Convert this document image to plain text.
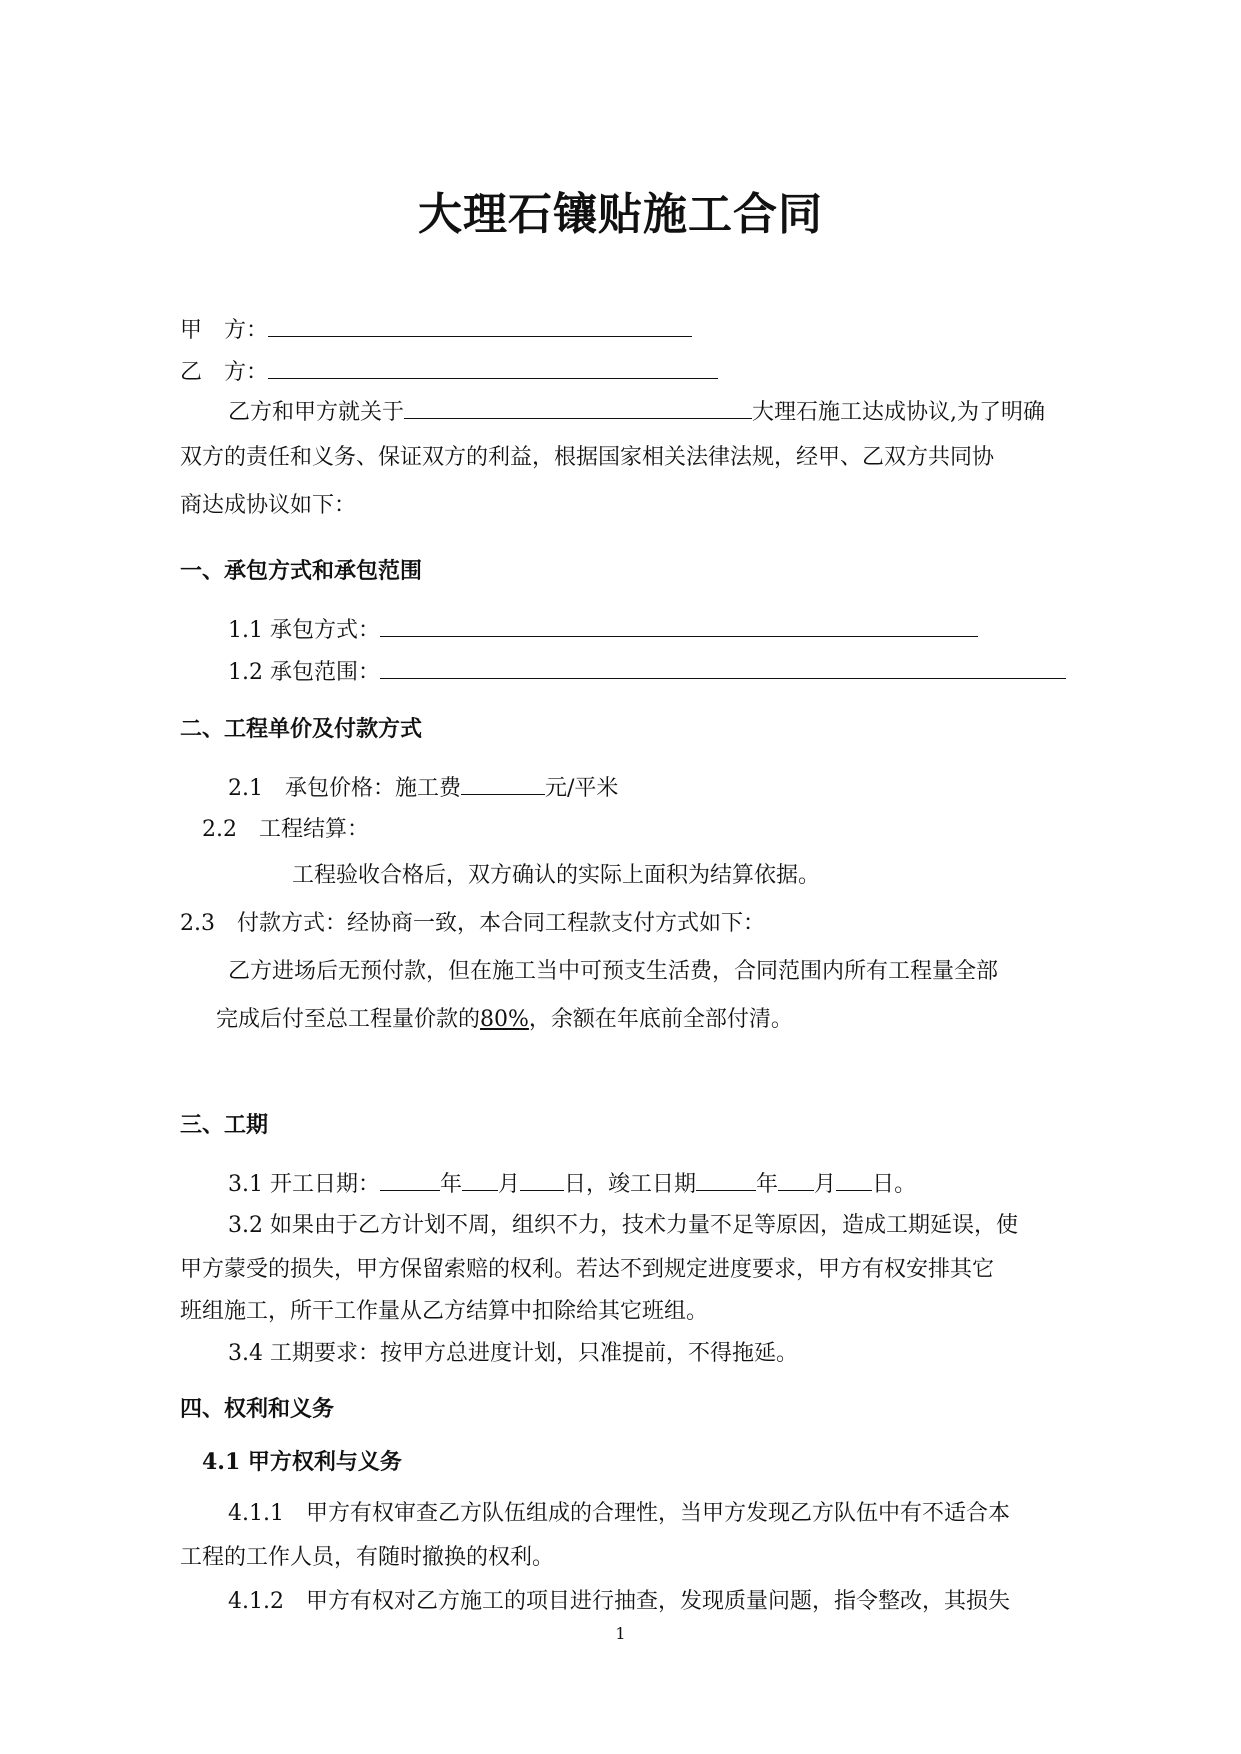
大理石镶贴施工合同
甲　方：
乙　方：
乙方和甲方就关于	大理石施工达成协议,为了明确
双方的责任和义务、保证双方的利益，根据国家相关法律法规，经甲、乙双方共同协
商达成协议如下：
一、承包方式和承包范围
1.1 承包方式：
1.2 承包范围：
二、工程单价及付款方式
2.1　承包价格：施工费	元/平米
2.2　工程结算：
工程验收合格后，双方确认的实际上面积为结算依据。
2.3　付款方式：经协商一致，本合同工程款支付方式如下：
乙方进场后无预付款，但在施工当中可预支生活费，合同范围内所有工程量全部
完成后付至总工程量价款的80%，余额在年底前全部付清。
三、工期
3.1 开工日期：	年 月 日，竣工日期	年 月 日。
3.2 如果由于乙方计划不周，组织不力，技术力量不足等原因，造成工期延误，使
甲方蒙受的损失，甲方保留索赔的权利。若达不到规定进度要求，甲方有权安排其它
班组施工，所干工作量从乙方结算中扣除给其它班组。
3.4 工期要求：按甲方总进度计划，只准提前，不得拖延。
四、权利和义务
4.1 甲方权利与义务
4.1.1　甲方有权审查乙方队伍组成的合理性，当甲方发现乙方队伍中有不适合本
工程的工作人员，有随时撤换的权利。
4.1.2　甲方有权对乙方施工的项目进行抽查，发现质量问题，指令整改，其损失
1
